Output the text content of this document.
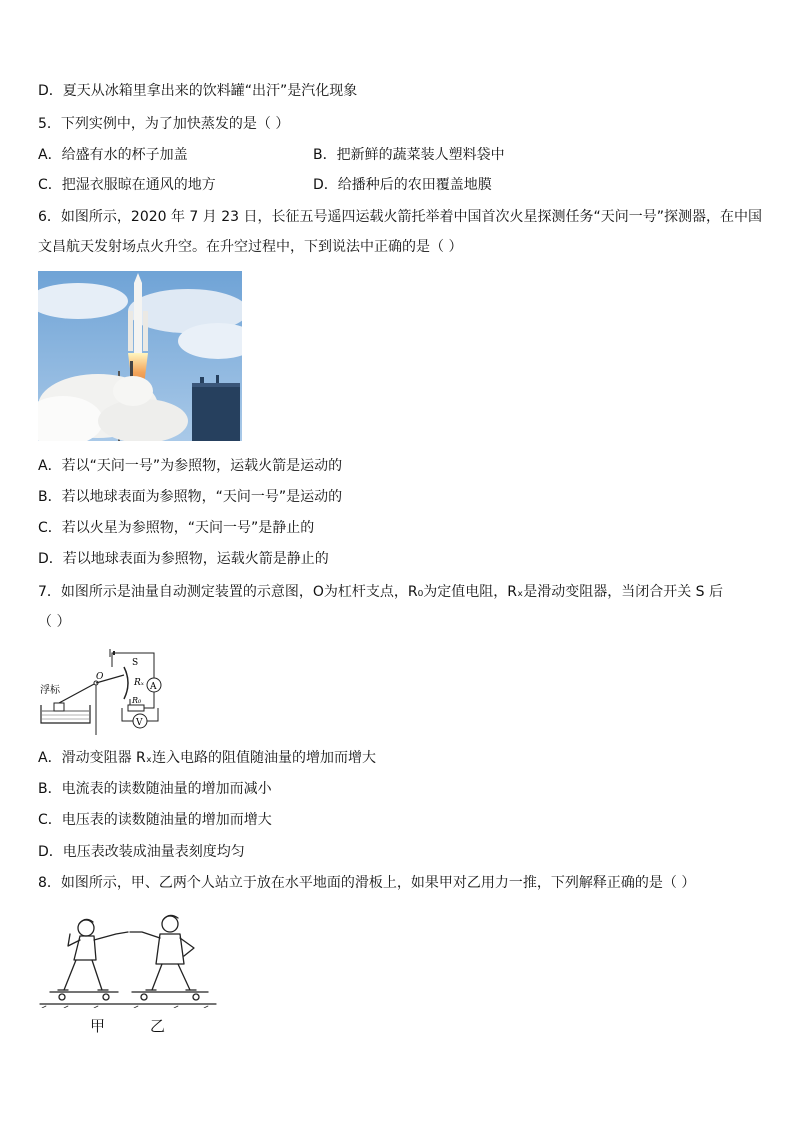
D．夏天从冰箱里拿出来的饮料罐“出汗”是汽化现象
5．下列实例中，为了加快蒸发的是（ ）
A．给盛有水的杯子加盖	B．把新鲜的蔬菜装人塑料袋中
C．把湿衣服晾在通风的地方	D．给播种后的农田覆盖地膜
6．如图所示，2020 年 7 月 23 日，长征五号遥四运载火箭托举着中国首次火星探测任务“天问一号”探测器，在中国
文昌航天发射场点火升空。在升空过程中，下到说法中正确的是（ ）
A．若以“天问一号”为参照物，运载火箭是运动的
B．若以地球表面为参照物，“天问一号”是运动的
C．若以火星为参照物，“天问一号”是静止的
D．若以地球表面为参照物，运载火箭是静止的
7．如图所示是油量自动测定装置的示意图，O为杠杆支点，R₀为定值电阻，Rₓ是滑动变阻器，当闭合开关 S 后
（ ）
O
S
Rₓ
R₀
A
V
浮标
A．滑动变阻器 Rₓ连入电路的阻值随油量的增加而增大
B．电流表的读数随油量的增加而减小
C．电压表的读数随油量的增加而增大
D．电压表改装成油量表刻度均匀
8．如图所示，甲、乙两个人站立于放在水平地面的滑板上，如果甲对乙用力一推，下列解释正确的是（ ）
甲	乙
